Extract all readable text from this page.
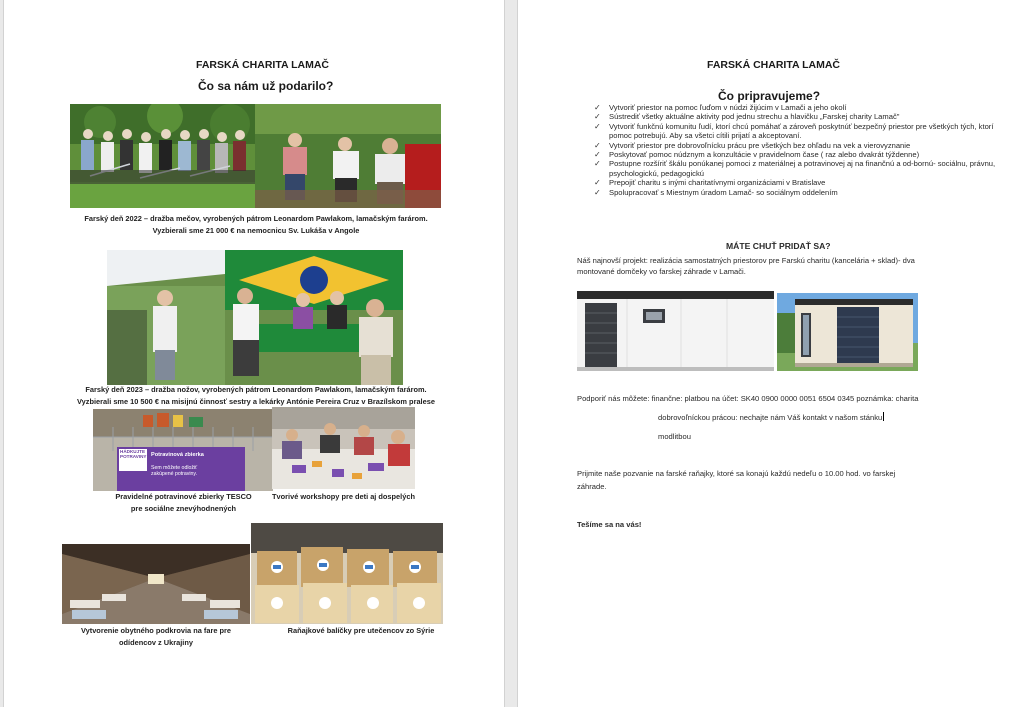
FARSKÁ CHARITA LAMAČ
Čo sa nám už podarilo?
Farský deň 2022 – dražba mečov, vyrobených pátrom Leonardom Pawlakom, lamačským farárom.
Vyzbierali sme 21 000 € na nemocnicu Sv. Lukáša v Angole
Farský deň 2023 – dražba nožov, vyrobených pátrom Leonardom Pawlakom, lamačským farárom.
Vyzbierali sme 10 500 € na misijnú činnosť sestry a lekárky Antónie Pereira Cruz v Brazílskom pralese
HÁDKUJTE POTRAVINY Potravinová zbierka
Sem môžete odložiť
zakúpené potraviny.
Pravidelné potravinové zbierky TESCO
pre sociálne znevýhodnených
Tvorivé workshopy pre deti aj dospelých
Vytvorenie obytného podkrovia na fare pre
odídencov z Ukrajiny
Raňajkové balíčky pre utečencov zo Sýrie
FARSKÁ CHARITA LAMAČ
Čo pripravujeme?
✓ Vytvoriť priestor na pomoc ľuďom v núdzi žijúcim v Lamači a jeho okolí
✓ Sústrediť všetky aktuálne aktivity pod jednu strechu a hlavičku „Farskej charity Lamač"
✓ Vytvoriť funkčnú komunitu ľudí, ktorí chcú pomáhať a zároveň poskytnúť bezpečný priestor pre všetkých tých, ktorí pomoc potrebujú. Aby sa všetci cítili prijatí a akceptovaní.
✓ Vytvoriť priestor pre dobrovoľnícku prácu pre všetkých bez ohľadu na vek a vierovyznanie
✓ Poskytovať pomoc núdznym a konzultácie v pravidelnom čase ( raz alebo dvakrát týždenne)
✓ Postupne rozšíriť škálu ponúkanej pomoci z materiálnej a potravinovej aj na finančnú a od-bornú- sociálnu, právnu, psychologickú, pedagogickú
✓ Prepojiť charitu s inými charitatívnymi organizáciami v Bratislave
✓ Spolupracovať s Miestnym úradom Lamač- so sociálnym oddelením
MÁTE CHUŤ PRIDAŤ SA?
Náš najnovší projekt: realizácia samostatných priestorov pre Farskú charitu (kancelária + sklad)- dva
montované domčeky vo farskej záhrade v Lamači.
Podporiť nás môžete: finančne: platbou na účet: SK40 0900 0000 0051 6504 0345 poznámka: charita
dobrovoľníckou prácou: nechajte nám Váš kontakt v našom stánku
modlitbou
Prijmite naše pozvanie na farské raňajky, ktoré sa konajú každú nedeľu o 10.00 hod. vo farskej
záhrade.
Tešíme sa na vás!
